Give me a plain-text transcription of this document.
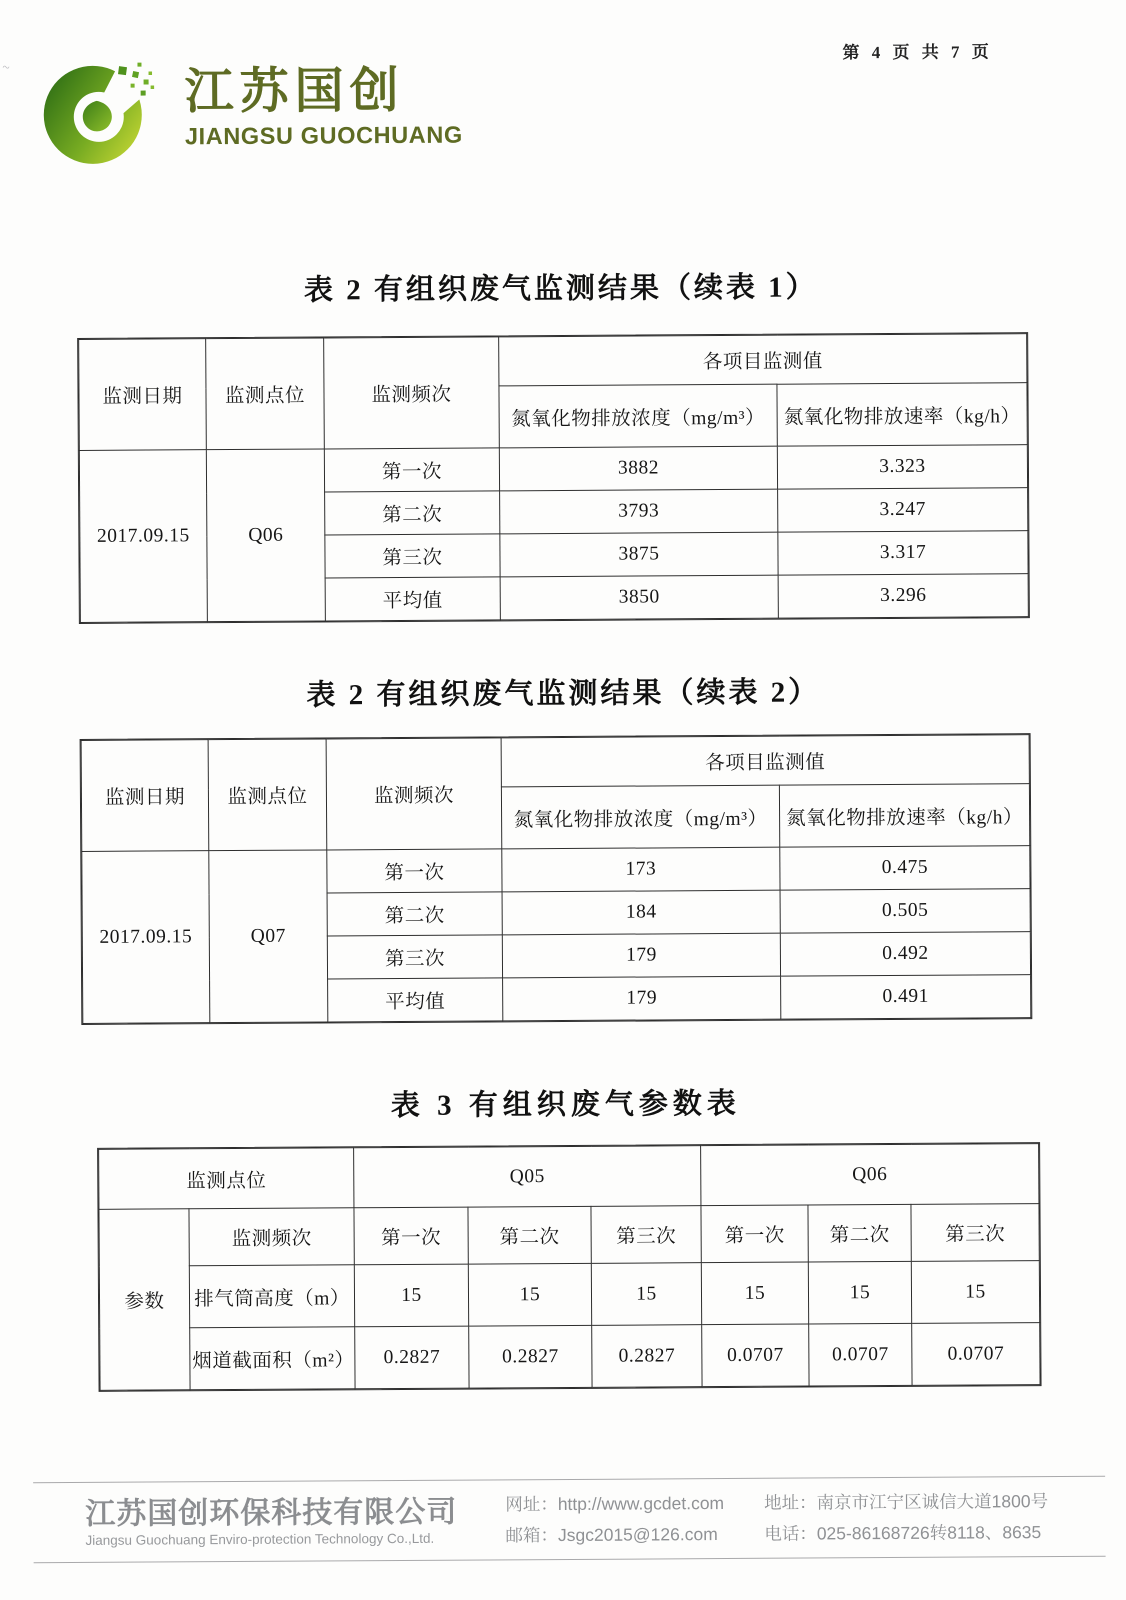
~
第 4 页 共 7 页
江苏国创
JIANGSU GUOCHUANG
表 2 有组织废气监测结果（续表 1）
监测日期	监测点位	监测频次	各项目监测值	
			氮氧化物排放浓度（mg/m³）	氮氧化物排放速率（kg/h）
2017.09.15	Q06	第一次	3882	3.323
		第二次	3793	3.247
		第三次	3875	3.317
		平均值	3850	3.296
表 2 有组织废气监测结果（续表 2）
监测日期	监测点位	监测频次	各项目监测值	
			氮氧化物排放浓度（mg/m³）	氮氧化物排放速率（kg/h）
2017.09.15	Q07	第一次	173	0.475
		第二次	184	0.505
		第三次	179	0.492
		平均值	179	0.491
表 3 有组织废气参数表
监测点位		Q05			Q06		
参数	监测频次	第一次	第二次	第三次	第一次	第二次	第三次
	排气筒高度（m）	15	15	15	15	15	15
	烟道截面积（m²）	0.2827	0.2827	0.2827	0.0707	0.0707	0.0707
江苏国创环保科技有限公司
Jiangsu Guochuang Enviro-protection Technology Co.,Ltd.
网址：http://www.gcdet.com
邮箱：Jsgc2015@126.com
地址：南京市江宁区诚信大道1800号
电话：025-86168726转8118、8635
